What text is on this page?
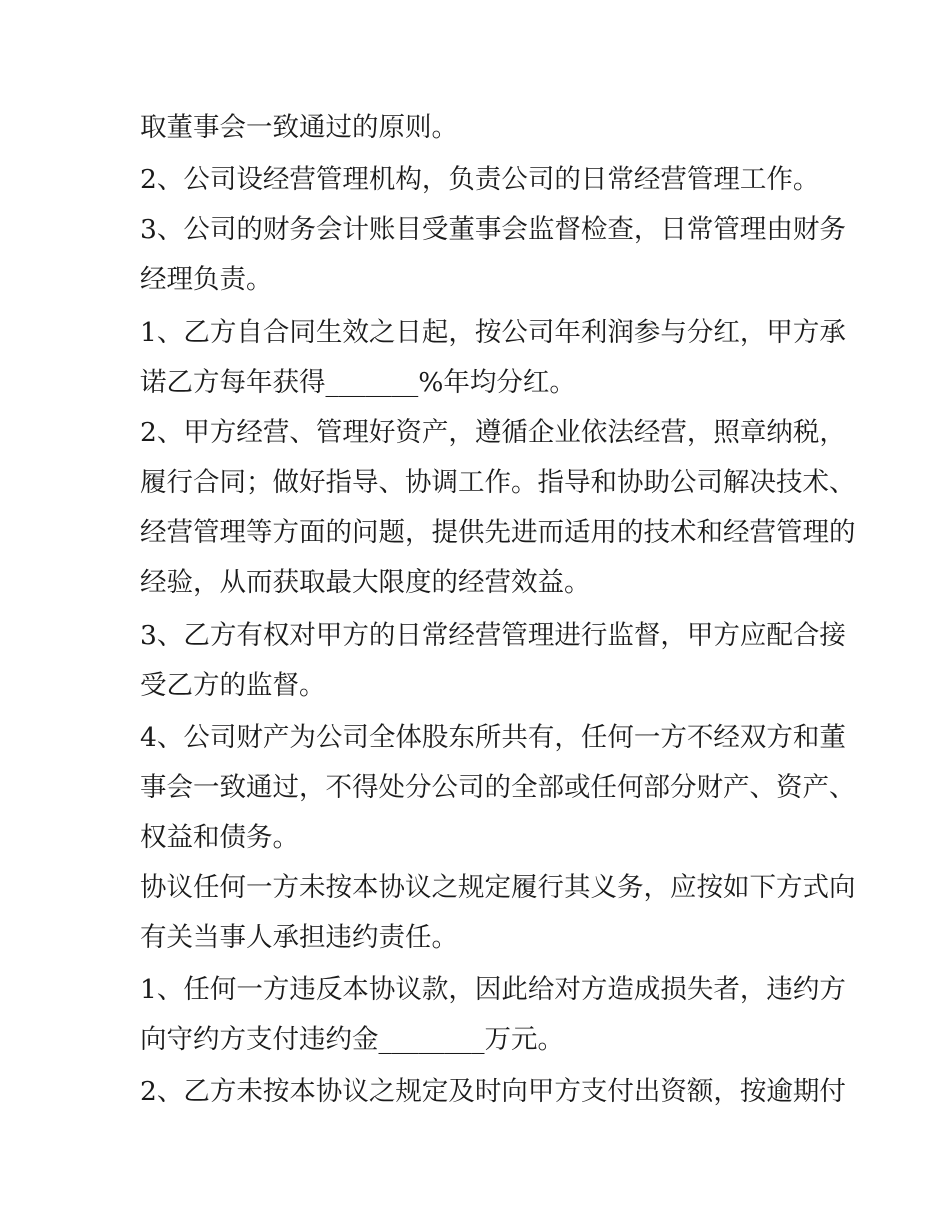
取董事会一致通过的原则。
2、公司设经营管理机构，负责公司的日常经营管理工作。
3、公司的财务会计账目受董事会监督检查，日常管理由财务
经理负责。
1、乙方自合同生效之日起，按公司年利润参与分红，甲方承
诺乙方每年获得_______%年均分红。
2、甲方经营、管理好资产，遵循企业依法经营，照章纳税，
履行合同；做好指导、协调工作。指导和协助公司解决技术、
经营管理等方面的问题，提供先进而适用的技术和经营管理的
经验，从而获取最大限度的经营效益。
3、乙方有权对甲方的日常经营管理进行监督，甲方应配合接
受乙方的监督。
4、公司财产为公司全体股东所共有，任何一方不经双方和董
事会一致通过，不得处分公司的全部或任何部分财产、资产、
权益和债务。
协议任何一方未按本协议之规定履行其义务，应按如下方式向
有关当事人承担违约责任。
1、任何一方违反本协议款，因此给对方造成损失者，违约方
向守约方支付违约金________万元。
2、乙方未按本协议之规定及时向甲方支付出资额，按逾期付
